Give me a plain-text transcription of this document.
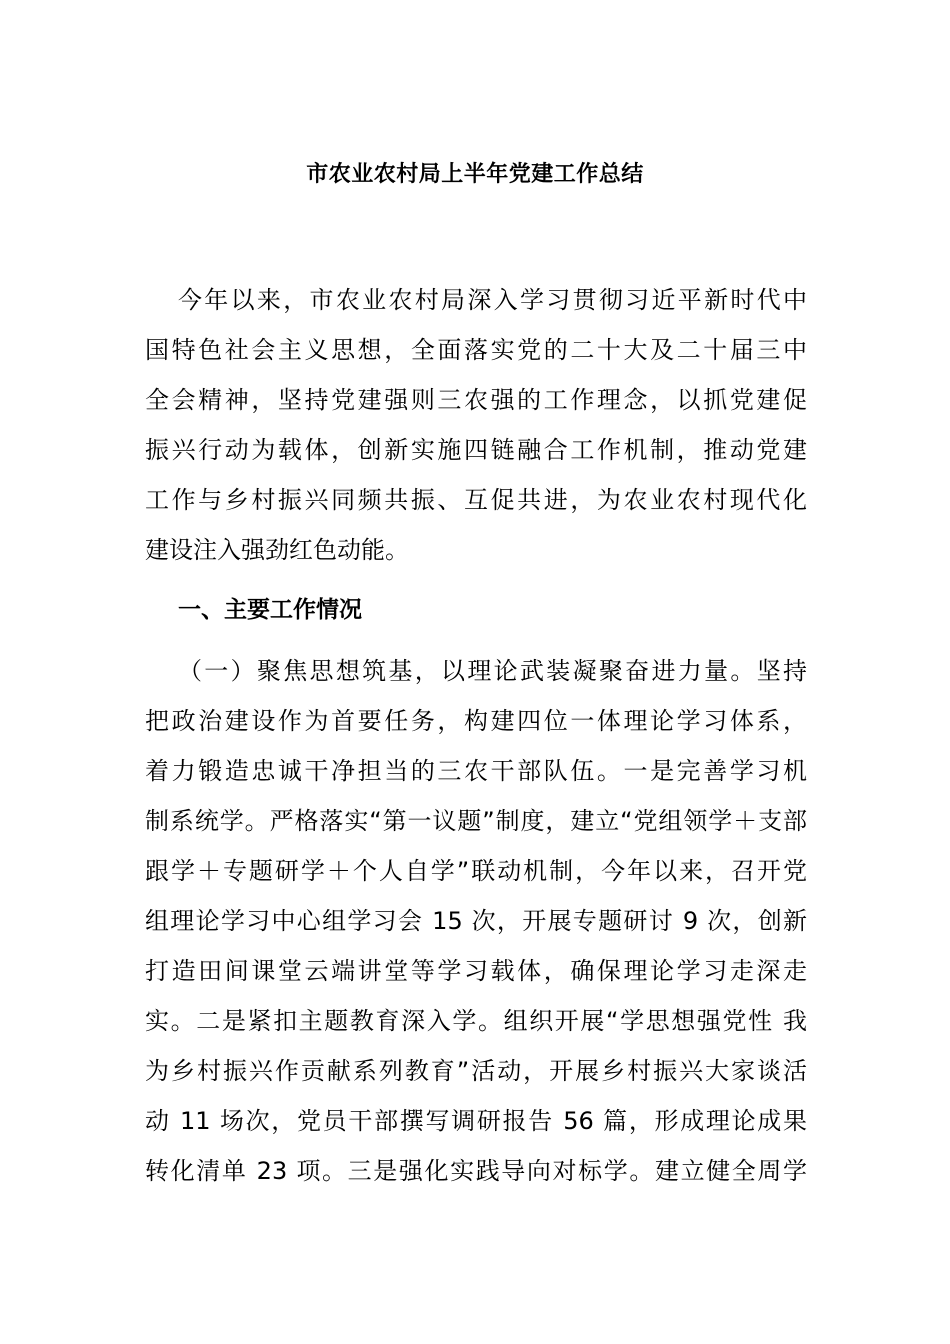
市农业农村局上半年党建工作总结
今年以来，市农业农村局深入学习贯彻习近平新时代中
国特色社会主义思想，全面落实党的二十大及二十届三中
全会精神，坚持党建强则三农强的工作理念，以抓党建促
振兴行动为载体，创新实施四链融合工作机制，推动党建
工作与乡村振兴同频共振、互促共进，为农业农村现代化
建设注入强劲红色动能。
一、主要工作情况
（一）聚焦思想筑基，以理论武装凝聚奋进力量。坚持
把政治建设作为首要任务，构建四位一体理论学习体系，
着力锻造忠诚干净担当的三农干部队伍。一是完善学习机
制系统学。严格落实“第一议题”制度，建立“党组领学＋支部
跟学＋专题研学＋个人自学”联动机制，今年以来，召开党
组理论学习中心组学习会 15 次，开展专题研讨 9 次，创新
打造田间课堂云端讲堂等学习载体，确保理论学习走深走
实。二是紧扣主题教育深入学。组织开展“学思想强党性 我
为乡村振兴作贡献系列教育”活动，开展乡村振兴大家谈活
动 11 场次，党员干部撰写调研报告 56 篇，形成理论成果
转化清单 23 项。三是强化实践导向对标学。建立健全周学
